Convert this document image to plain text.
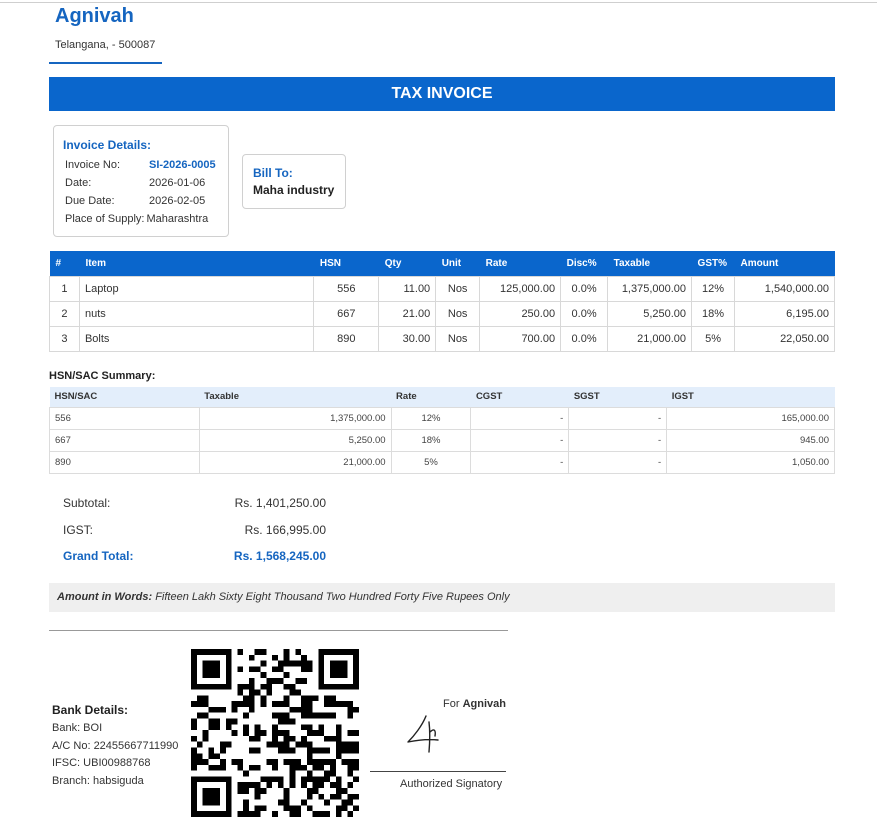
Agnivah
Telangana, - 500087
TAX INVOICE
Invoice Details:
Invoice No:	SI-2026-0005
Date:	2026-01-06
Due Date:	2026-02-05
Place of Supply: Maharashtra
Bill To:
Maha industry
#	Item	HSN	Qty	Unit	Rate	Disc%	Taxable	GST%	Amount
1	Laptop	556	11.00	Nos	125,000.00	0.0%	1,375,000.00	12%	1,540,000.00
2	nuts	667	21.00	Nos	250.00	0.0%	5,250.00	18%	6,195.00
3	Bolts	890	30.00	Nos	700.00	0.0%	21,000.00	5%	22,050.00
HSN/SAC Summary:
HSN/SAC	Taxable	Rate	CGST	SGST	IGST
556	1,375,000.00	12%	-	-	165,000.00
667	5,250.00	18%	-	-	945.00
890	21,000.00	5%	-	-	1,050.00
Subtotal:	Rs. 1,401,250.00
IGST:	Rs. 166,995.00
Grand Total:	Rs. 1,568,245.00
Amount in Words: Fifteen Lakh Sixty Eight Thousand Two Hundred Forty Five Rupees Only
Bank Details:
Bank: BOI
A/C No: 22455667711990
IFSC: UBI00988768
Branch: habsiguda
For Agnivah
Authorized Signatory
